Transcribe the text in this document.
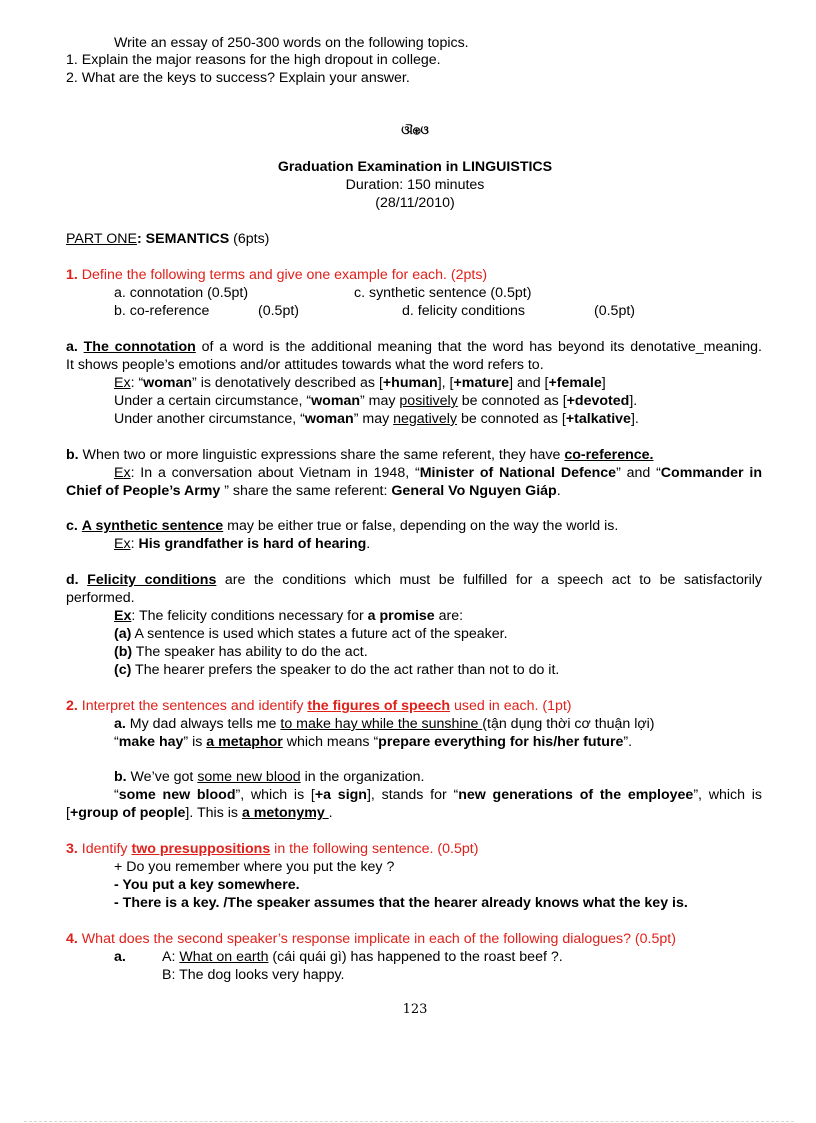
Write an essay of 250-300 words on the following topics.
1. Explain the major reasons for the high dropout in college.
2. What are the keys to success? Explain your answer.
ଔ⊛ଓ
Graduation Examination in LINGUISTICS
Duration: 150 minutes
(28/11/2010)
PART ONE: SEMANTICS (6pts)
1. Define the following terms and give one example for each. (2pts)
a. connotation (0.5pt)	c. synthetic sentence (0.5pt)
b. co-reference	(0.5pt)	d. felicity conditions	(0.5pt)
a. The connotation of a word is the additional meaning that the word has beyond its denotative_meaning.
It shows people’s emotions and/or attitudes towards what the word refers to.
Ex: “woman” is denotatively described as [+human], [+mature] and [+female]
Under a certain circumstance, “woman” may positively be connoted as [+devoted].
Under another circumstance, “woman” may negatively be connoted as [+talkative].
b. When two or more linguistic expressions share the same referent, they have co-reference.
Ex: In a conversation about Vietnam in 1948, “Minister of National Defence” and “Commander in
Chief of People’s Army ” share the same referent: General Vo Nguyen Giáp.
c. A synthetic sentence may be either true or false, depending on the way the world is.
Ex: His grandfather is hard of hearing.
d. Felicity conditions are the conditions which must be fulfilled for a speech act to be satisfactorily
performed.
Ex: The felicity conditions necessary for a promise are:
(a) A sentence is used which states a future act of the speaker.
(b) The speaker has ability to do the act.
(c) The hearer prefers the speaker to do the act rather than not to do it.
2. Interpret the sentences and identify the figures of speech used in each. (1pt)
a. My dad always tells me to make hay while the sunshine (tận dụng thời cơ thuận lợi)
“make hay” is a metaphor which means “prepare everything for his/her future”.
b. We’ve got some new blood in the organization.
“some new blood”, which is [+a sign], stands for “new generations of the employee”, which is
[+group of people]. This is a metonymy .
3. Identify two presuppositions in the following sentence. (0.5pt)
+ Do you remember where you put the key ?
- You put a key somewhere.
- There is a key. /The speaker assumes that the hearer already knows what the key is.
4. What does the second speaker’s response implicate in each of the following dialogues? (0.5pt)
a.	A: What on earth (cái quái gì) has happened to the roast beef ?.
B: The dog looks very happy.
123
